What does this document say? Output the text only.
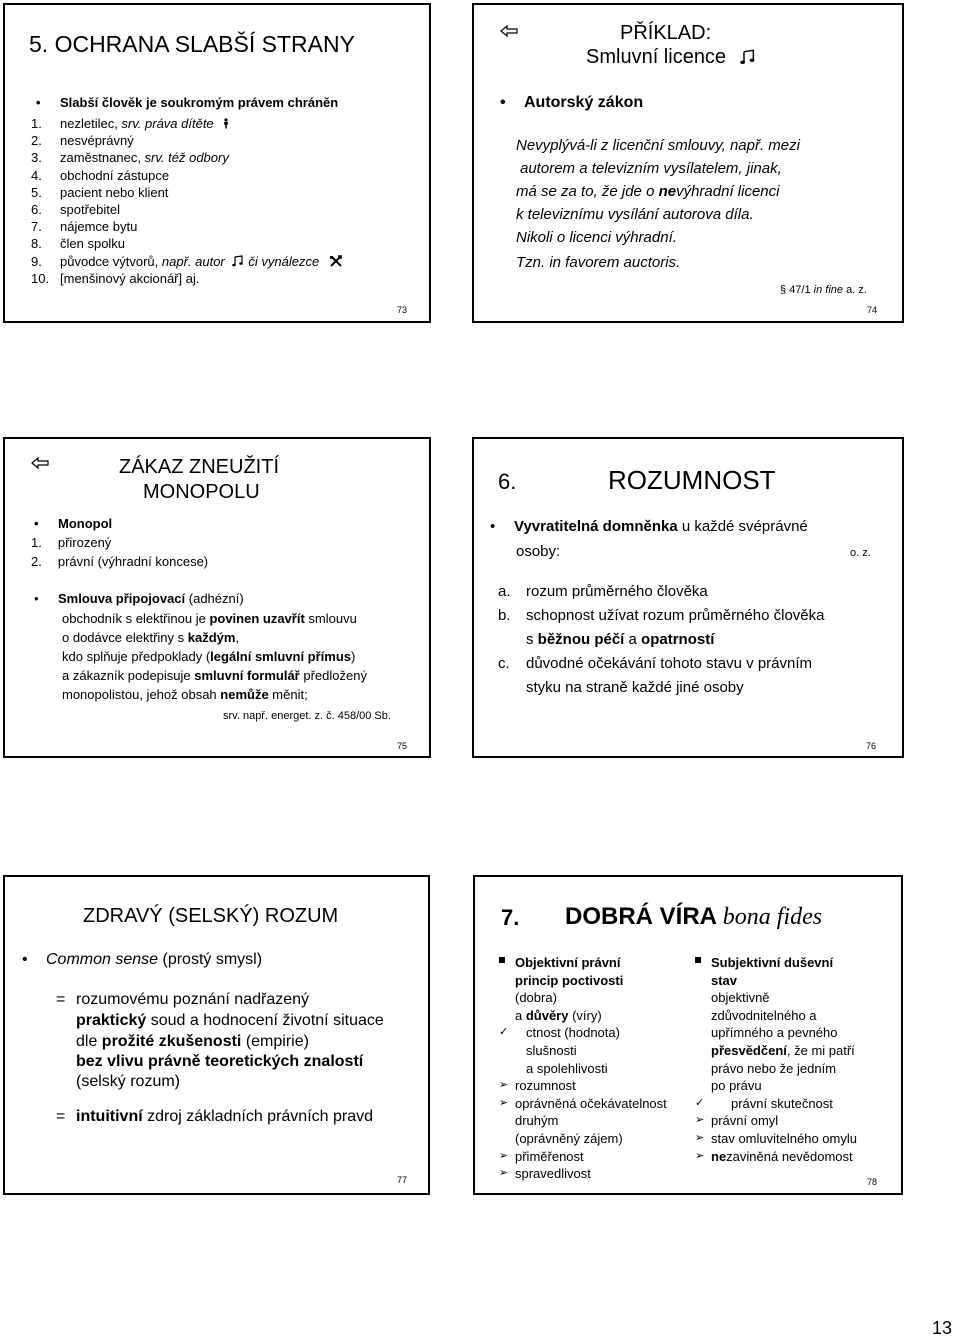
5. OCHRANA SLABŠÍ STRANY
• Slabší člověk je soukromým právem chráněn
1. nezletilec, srv. práva dítěte
2. nesvéprávný
3. zaměstnanec, srv. též odbory
4. obchodní zástupce
5. pacient nebo klient
6. spotřebitel
7. nájemce bytu
8. člen spolku
9. původce výtvorů, např. autor či vynálezce
10. [menšinový akcionář] aj.
73
PŘÍKLAD:
Smluvní licence
• Autorský zákon
Nevyplývá-li z licenční smlouvy, např. mezi
autorem a televizním vysílatelem, jinak,
má se za to, že jde o nevýhradní licenci
k televiznímu vysílání autorova díla.
Nikoli o licenci výhradní.
Tzn. in favorem auctoris.
§ 47/1 in fine a. z.
74
ZÁKAZ ZNEUŽITÍ
MONOPOLU
• Monopol
1. přirozený
2. právní (výhradní koncese)
• Smlouva připojovací (adhézní)
obchodník s elektřinou je povinen uzavřít smlouvu
o dodávce elektřiny s každým,
kdo splňuje předpoklady (legální smluvní přímus)
a zákazník podepisuje smluvní formulář předložený
monopolistou, jehož obsah nemůže měnit;
srv. např. energet. z. č. 458/00 Sb.
75
6.	ROZUMNOST
• Vyvratitelná domněnka u každé svéprávné
osoby:	o. z.
a. rozum průměrného člověka
b. schopnost užívat rozum průměrného člověka
s běžnou péčí a opatrností
c. důvodné očekávání tohoto stavu v právním
styku na straně každé jiné osoby
76
ZDRAVÝ (SELSKÝ) ROZUM
• Common sense (prostý smysl)
= rozumovému poznání nadřazený
praktický soud a hodnocení životní situace
dle prožité zkušenosti (empirie)
bez vlivu právně teoretických znalostí
(selský rozum)
= intuitivní zdroj základních právních pravd
77
7. DOBRÁ VÍRA bona fides
Objektivní právní
princip poctivosti
(dobra)
a důvěry (víry)
✓ ctnost (hodnota)
slušnosti
a spolehlivosti
➢ rozumnost
➢ oprávněná očekávatelnost
druhým
(oprávněný zájem)
➢ přiměřenost
➢ spravedlivost
Subjektivní duševní
stav
objektivně
zdůvodnitelného a
upřímného a pevného
přesvědčení, že mi patří
právo nebo že jedním
po právu
✓ právní skutečnost
➢ právní omyl
➢ stav omluvitelného omylu
➢ nezaviněná nevědomost
78
13
